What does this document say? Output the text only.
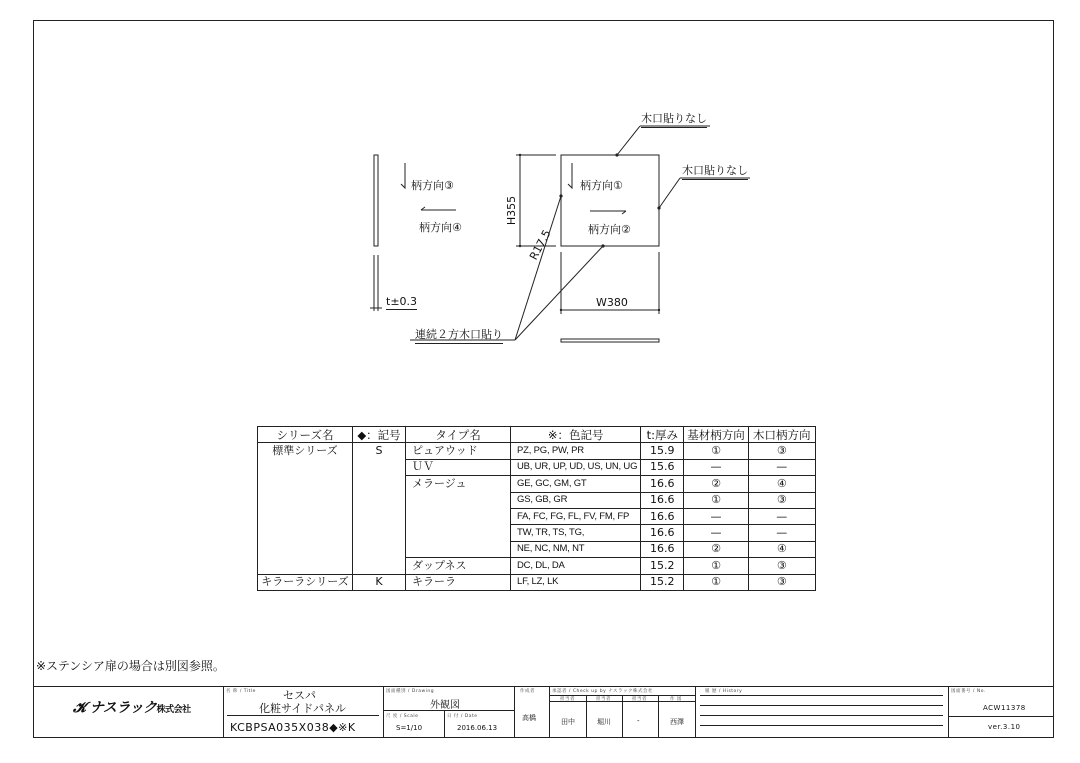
木口貼りなし
木口貼りなし
柄方向③
柄方向④
柄方向①
柄方向②
H355
W380
R17.5
t±0.3
連続２方木口貼り
シリーズ名	◆：記号	タイプ名	※：色記号	t:厚み	基材柄方向	木口柄方向
標準シリーズ	S	ピュアウッド	PZ, PG, PW, PR	15.9	①	③
		ＵＶ	UB, UR, UP, UD, US, UN, UG	15.6	—	—
		メラージュ	GE, GC, GM, GT	16.6	②	④
			GS, GB, GR	16.6	①	③
			FA, FC, FG, FL, FV, FM, FP	16.6	—	—
			TW, TR, TS, TG,	16.6	—	—
			NE, NC, NM, NT	16.6	②	④
		ダップネス	DC, DL, DA	15.2	①	③
キラーラシリーズ	K	キラーラ	LF, LZ, LK	15.2	①	③
※ステンシア扉の場合は別図参照。
𝓚 ナスラック株式会社
名 称 / Title セスパ
化粧サイドパネル
KCBPSA035X038◆※K
図面種別 / Drawing
外観図
尺 度 / Scale
S=1/10
日 付 / Date
2016.06.13
作成者
高橋
承認者 / Check up by ナスラック株式会社
担当者	担当者	担当者	作 図
田中	堀川	-	西澤
履 歴 / History	図面番号 / No.
ACW11378
ver.3.10
